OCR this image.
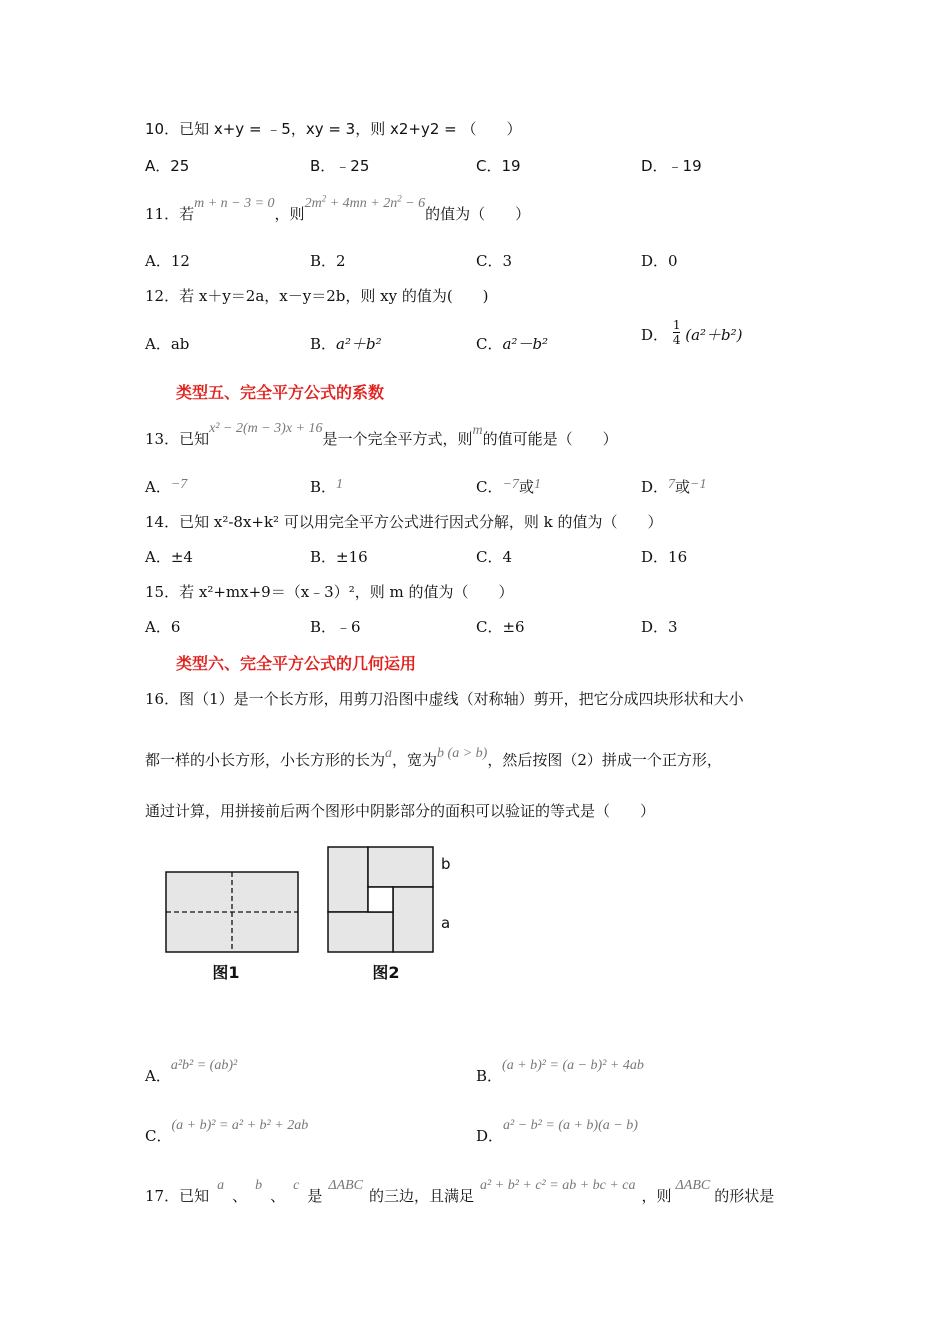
10．已知 x+y = ﹣5，xy = 3，则 x2+y2 = （　　）
A．25	B．﹣25	C．19	D．﹣19
11．若m + n − 3 = 0，则$2m^2 + 4mn + 2n^2 - 6$的值为（　　）
A．12	B．2	C．3	D．0
12．若 x＋y＝2a，x－y＝2b，则 xy 的值为(　　)
A．ab	B．a²＋b²	C．a²－b²
D． $\frac{1}{4} (a^2+b^2)$
类型五、完全平方公式的系数
13．已知x² − 2(m − 3)x + 16是一个完全平方式，则m的值可能是（　　）
A．−7	B．1	C．−7或1	D．7或−1
14．已知 x²-8x+k² 可以用完全平方公式进行因式分解，则 k 的值为（　　）
A．±4	B．±16	C．4	D．16
15．若 x²+mx+9＝（x﹣3）²，则 m 的值为（　　）
A．6	B．﹣6	C．±6	D．3
类型六、完全平方公式的几何运用
16．图（1）是一个长方形，用剪刀沿图中虚线（对称轴）剪开，把它分成四块形状和大小
都一样的小长方形，小长方形的长为a，宽为b (a > b)，然后按图（2）拼成一个正方形，
通过计算，用拼接前后两个图形中阴影部分的面积可以验证的等式是（　　）
图1
b
a
图2
A．a²b² = (ab)²
B．(a + b)² = (a − b)² + 4ab
C．(a + b)² = a² + b² + 2ab
D．a² − b² = (a + b)(a − b)
17．已知a、b、c是ΔABC的三边，且满足a² + b² + c² = ab + bc + ca，则ΔABC的形状是
